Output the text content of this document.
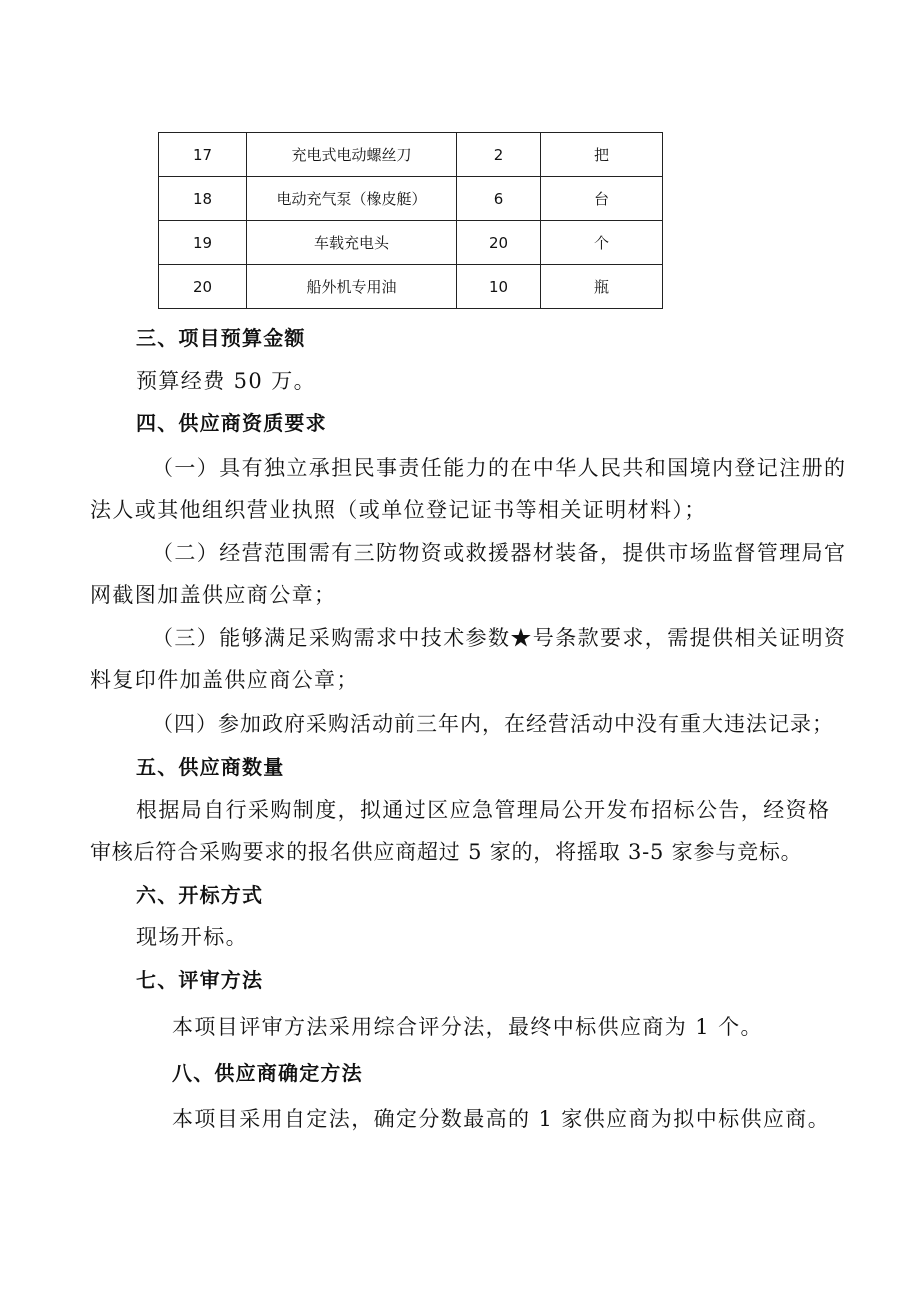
17	充电式电动螺丝刀	2	把
18	电动充气泵（橡皮艇）	6	台
19	车载充电头	20	个
20	船外机专用油	10	瓶
三、项目预算金额
预算经费 50 万。
四、供应商资质要求
（一）具有独立承担民事责任能力的在中华人民共和国境内登记注册的
法人或其他组织营业执照（或单位登记证书等相关证明材料）；
（二）经营范围需有三防物资或救援器材装备，提供市场监督管理局官
网截图加盖供应商公章；
（三）能够满足采购需求中技术参数★号条款要求，需提供相关证明资
料复印件加盖供应商公章；
（四）参加政府采购活动前三年内，在经营活动中没有重大违法记录；
五、供应商数量
根据局自行采购制度，拟通过区应急管理局公开发布招标公告，经资格
审核后符合采购要求的报名供应商超过 5 家的，将摇取 3-5 家参与竞标。
六、开标方式
现场开标。
七、评审方法
本项目评审方法采用综合评分法，最终中标供应商为 1 个。
八、供应商确定方法
本项目采用自定法，确定分数最高的 1 家供应商为拟中标供应商。
